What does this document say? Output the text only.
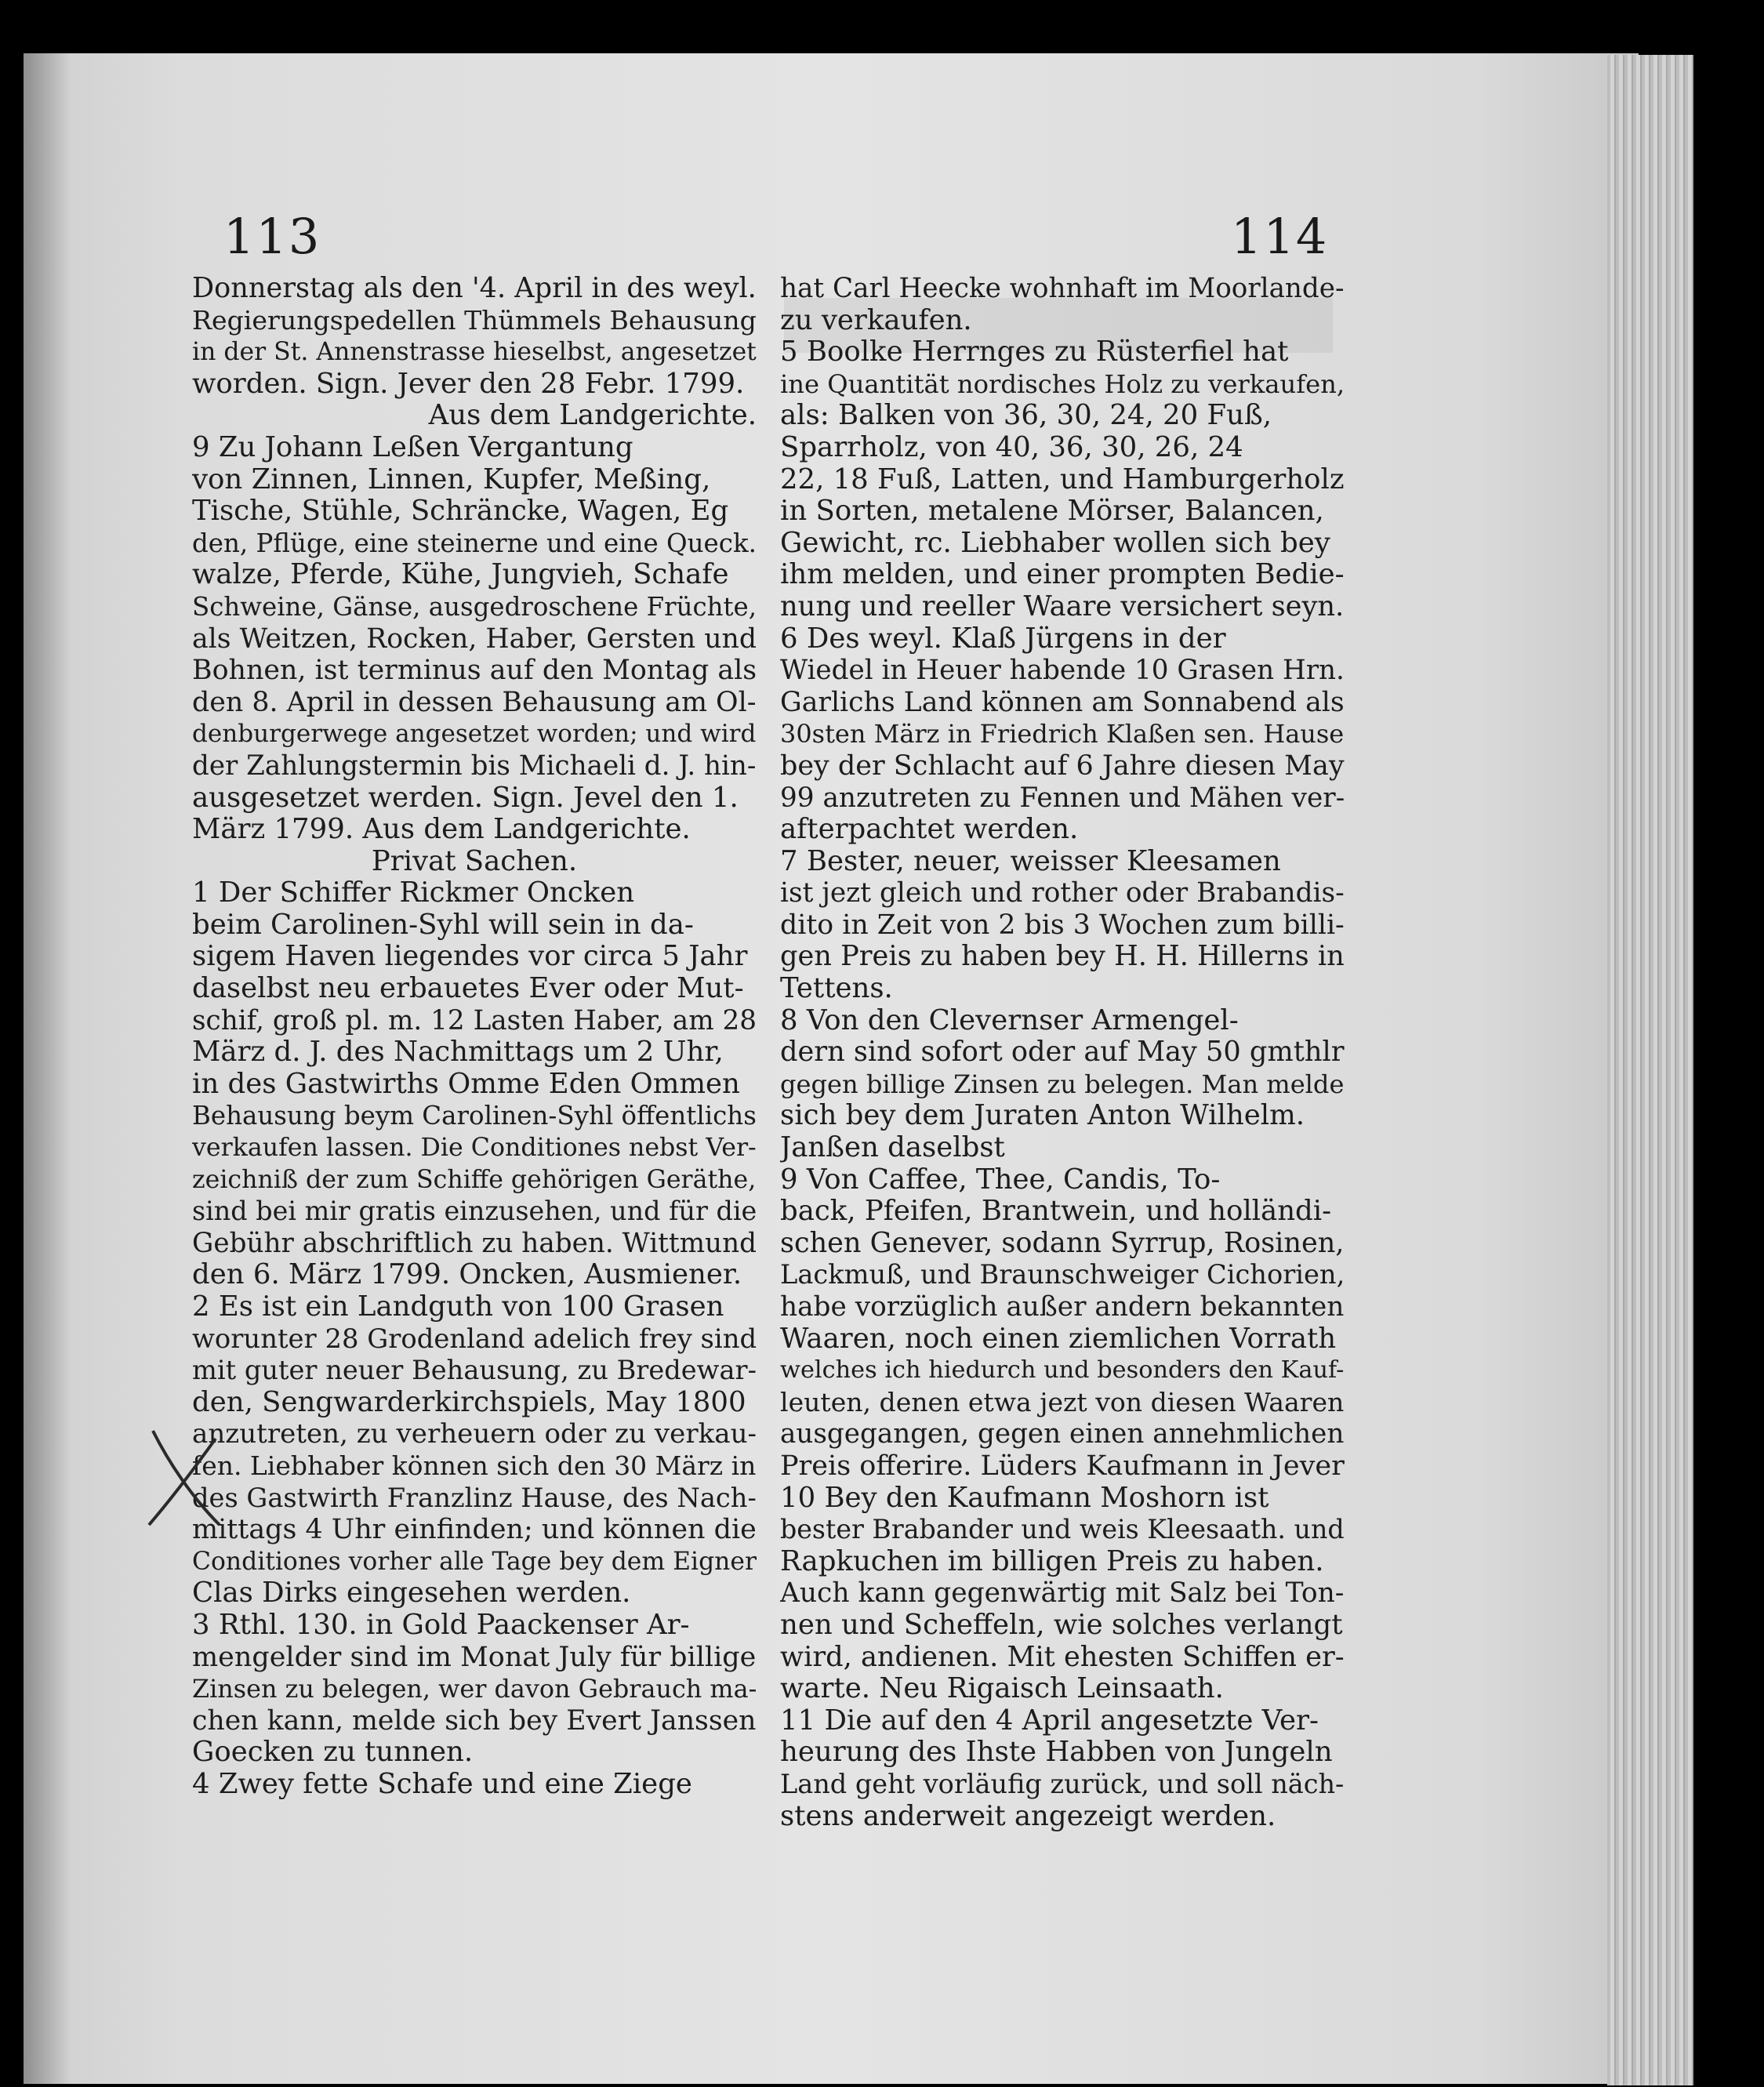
113	114
Donnerstag als den '4. April in des weyl.
Regierungspedellen Thümmels Behausung
in der St. Annenstrasse hieselbst, angesetzet
worden. Sign. Jever den 28 Febr. 1799.
Aus dem Landgerichte.
9 Zu Johann Leßen Vergantung
von Zinnen, Linnen, Kupfer, Meßing,
Tische, Stühle, Schräncke, Wagen, Eg
den, Pflüge, eine steinerne und eine Queck.
walze, Pferde, Kühe, Jungvieh, Schafe
Schweine, Gänse, ausgedroschene Früchte,
als Weitzen, Rocken, Haber, Gersten und
Bohnen, ist terminus auf den Montag als
den 8. April in dessen Behausung am Ol-
denburgerwege angesetzet worden; und wird
der Zahlungstermin bis Michaeli d. J. hin-
ausgesetzet werden. Sign. Jevel den 1.
März 1799. Aus dem Landgerichte.
Privat Sachen.
1 Der Schiffer Rickmer Oncken
beim Carolinen-Syhl will sein in da-
sigem Haven liegendes vor circa 5 Jahr
daselbst neu erbauetes Ever oder Mut-
schif, groß pl. m. 12 Lasten Haber, am 28
März d. J. des Nachmittags um 2 Uhr,
in des Gastwirths Omme Eden Ommen
Behausung beym Carolinen-Syhl öffentlichs
verkaufen lassen. Die Conditiones nebst Ver-
zeichniß der zum Schiffe gehörigen Geräthe,
sind bei mir gratis einzusehen, und für die
Gebühr abschriftlich zu haben. Wittmund
den 6. März 1799. Oncken, Ausmiener.
2 Es ist ein Landguth von 100 Grasen
worunter 28 Grodenland adelich frey sind
mit guter neuer Behausung, zu Bredewar-
den, Sengwarderkirchspiels, May 1800
anzutreten, zu verheuern oder zu verkau-
fen. Liebhaber können sich den 30 März in
des Gastwirth Franzlinz Hause, des Nach-
mittags 4 Uhr einfinden; und können die
Conditiones vorher alle Tage bey dem Eigner
Clas Dirks eingesehen werden.
3 Rthl. 130. in Gold Paackenser Ar-
mengelder sind im Monat July für billige
Zinsen zu belegen, wer davon Gebrauch ma-
chen kann, melde sich bey Evert Janssen
Goecken zu tunnen.
4 Zwey fette Schafe und eine Ziege
hat Carl Heecke wohnhaft im Moorlande-
zu verkaufen.
5 Boolke Herrnges zu Rüsterfiel hat
ine Quantität nordisches Holz zu verkaufen,
als: Balken von 36, 30, 24, 20 Fuß,
Sparrholz, von 40, 36, 30, 26, 24
22, 18 Fuß, Latten, und Hamburgerholz
in Sorten, metalene Mörser, Balancen,
Gewicht, rc. Liebhaber wollen sich bey
ihm melden, und einer prompten Bedie-
nung und reeller Waare versichert seyn.
6 Des weyl. Klaß Jürgens in der
Wiedel in Heuer habende 10 Grasen Hrn.
Garlichs Land können am Sonnabend als
30sten März in Friedrich Klaßen sen. Hause
bey der Schlacht auf 6 Jahre diesen May
99 anzutreten zu Fennen und Mähen ver-
afterpachtet werden.
7 Bester, neuer, weisser Kleesamen
ist jezt gleich und rother oder Brabandis-
dito in Zeit von 2 bis 3 Wochen zum billi-
gen Preis zu haben bey H. H. Hillerns in
Tettens.
8 Von den Clevernser Armengel-
dern sind sofort oder auf May 50 gmthlr
gegen billige Zinsen zu belegen. Man melde
sich bey dem Juraten Anton Wilhelm.
Janßen daselbst
9 Von Caffee, Thee, Candis, To-
back, Pfeifen, Brantwein, und holländi-
schen Genever, sodann Syrrup, Rosinen,
Lackmuß, und Braunschweiger Cichorien,
habe vorzüglich außer andern bekannten
Waaren, noch einen ziemlichen Vorrath
welches ich hiedurch und besonders den Kauf-
leuten, denen etwa jezt von diesen Waaren
ausgegangen, gegen einen annehmlichen
Preis offerire. Lüders Kaufmann in Jever
10 Bey den Kaufmann Moshorn ist
bester Brabander und weis Kleesaath. und
Rapkuchen im billigen Preis zu haben.
Auch kann gegenwärtig mit Salz bei Ton-
nen und Scheffeln, wie solches verlangt
wird, andienen. Mit ehesten Schiffen er-
warte. Neu Rigaisch Leinsaath.
11 Die auf den 4 April angesetzte Ver-
heurung des Ihste Habben von Jungeln
Land geht vorläufig zurück, und soll näch-
stens anderweit angezeigt werden.
